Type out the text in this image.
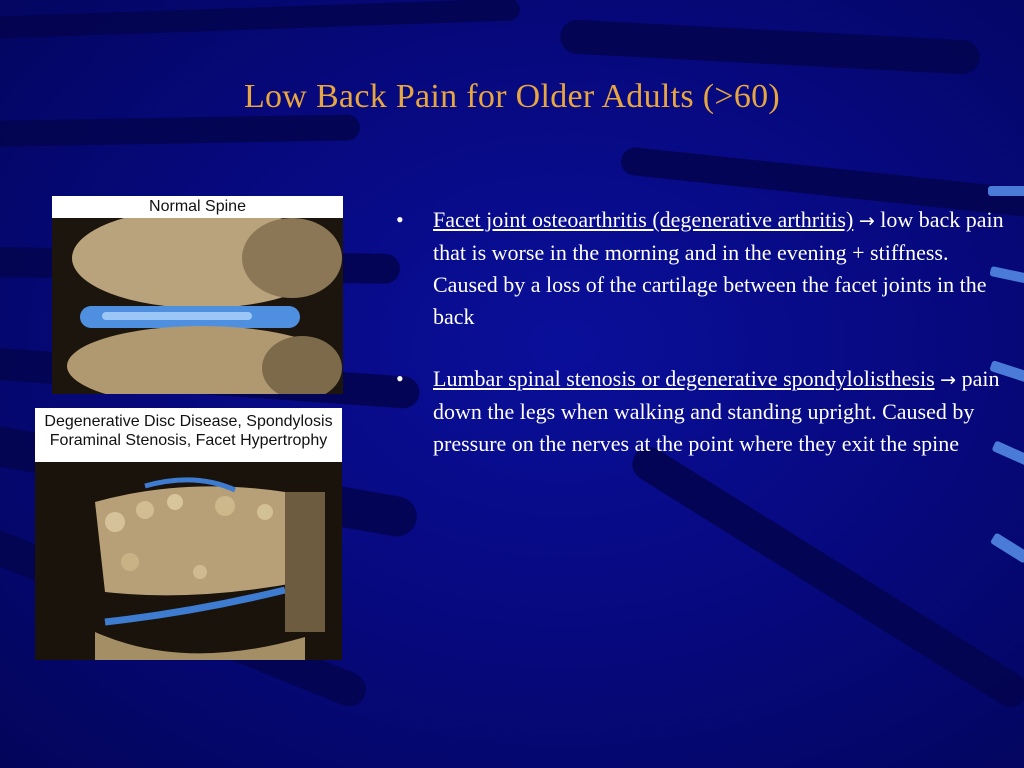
Low Back Pain for Older Adults (>60)
Normal Spine
Degenerative Disc Disease, Spondylosis
Foraminal Stenosis, Facet Hypertrophy
• Facet joint osteoarthritis (degenerative arthritis) → low back pain that is worse in the morning and in the evening + stiffness. Caused by a loss of the cartilage between the facet joints in the back
• Lumbar spinal stenosis or degenerative spondylolisthesis → pain down the legs when walking and standing upright. Caused by pressure on the nerves at the point where they exit the spine
